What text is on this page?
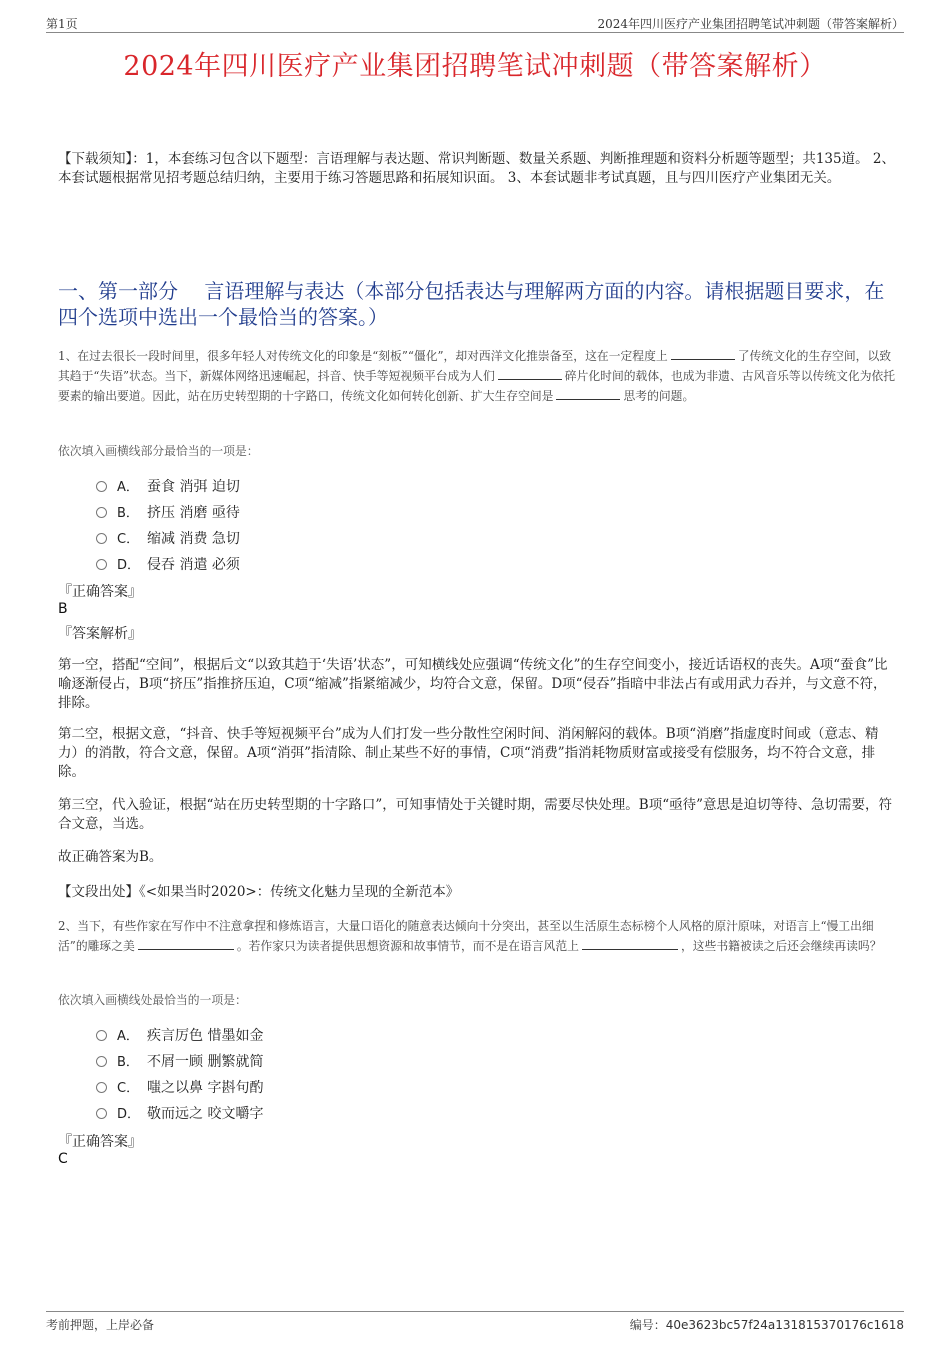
第1页	2024年四川医疗产业集团招聘笔试冲刺题（带答案解析）
2024年四川医疗产业集团招聘笔试冲刺题（带答案解析）
【下载须知】：1，本套练习包含以下题型：言语理解与表达题、常识判断题、数量关系题、判断推理题和资料分析题等题型；共135道。 2、本套试题根据常见招考题总结归纳，主要用于练习答题思路和拓展知识面。 3、本套试题非考试真题，且与四川医疗产业集团无关。
一、第一部分　 言语理解与表达（本部分包括表达与理解两方面的内容。请根据题目要求，在四个选项中选出一个最恰当的答案。）
1、在过去很长一段时间里，很多年轻人对传统文化的印象是“刻板”“僵化”，却对西洋文化推崇备至，这在一定程度上	了传统文化的生存空间，以致其趋于“失语”状态。当下，新媒体网络迅速崛起，抖音、快手等短视频平台成为人们	碎片化时间的载体，也成为非遗、古风音乐等以传统文化为依托要素的输出要道。因此，站在历史转型期的十字路口，传统文化如何转化创新、扩大生存空间是	思考的问题。
依次填入画横线部分最恰当的一项是：
A． 蚕食 消弭 迫切
B． 挤压 消磨 亟待
C． 缩减 消费 急切
D． 侵吞 消遣 必须
『正确答案』
B
『答案解析』
第一空，搭配“空间”，根据后文“以致其趋于‘失语’状态”，可知横线处应强调“传统文化”的生存空间变小，接近话语权的丧失。A项“蚕食”比喻逐渐侵占，B项“挤压”指推挤压迫，C项“缩减”指紧缩减少，均符合文意，保留。D项“侵吞”指暗中非法占有或用武力吞并，与文意不符，排除。
第二空，根据文意，“抖音、快手等短视频平台”成为人们打发一些分散性空闲时间、消闲解闷的载体。B项“消磨”指虚度时间或（意志、精力）的消散，符合文意，保留。A项“消弭”指清除、制止某些不好的事情，C项“消费”指消耗物质财富或接受有偿服务，均不符合文意，排除。
第三空，代入验证，根据“站在历史转型期的十字路口”，可知事情处于关键时期，需要尽快处理。B项“亟待”意思是迫切等待、急切需要，符合文意，当选。
故正确答案为B。
【文段出处】《<如果当时2020>：传统文化魅力呈现的全新范本》
2、当下，有些作家在写作中不注意拿捏和修炼语言，大量口语化的随意表达倾向十分突出，甚至以生活原生态标榜个人风格的原汁原味，对语言上“慢工出细活”的雕琢之美	。若作家只为读者提供思想资源和故事情节，而不是在语言风范上	，这些书籍被读之后还会继续再读吗？
依次填入画横线处最恰当的一项是：
A． 疾言厉色 惜墨如金
B． 不屑一顾 删繁就简
C． 嗤之以鼻 字斟句酌
D． 敬而远之 咬文嚼字
『正确答案』
C
考前押题，上岸必备	编号：40e3623bc57f24a131815370176c1618
